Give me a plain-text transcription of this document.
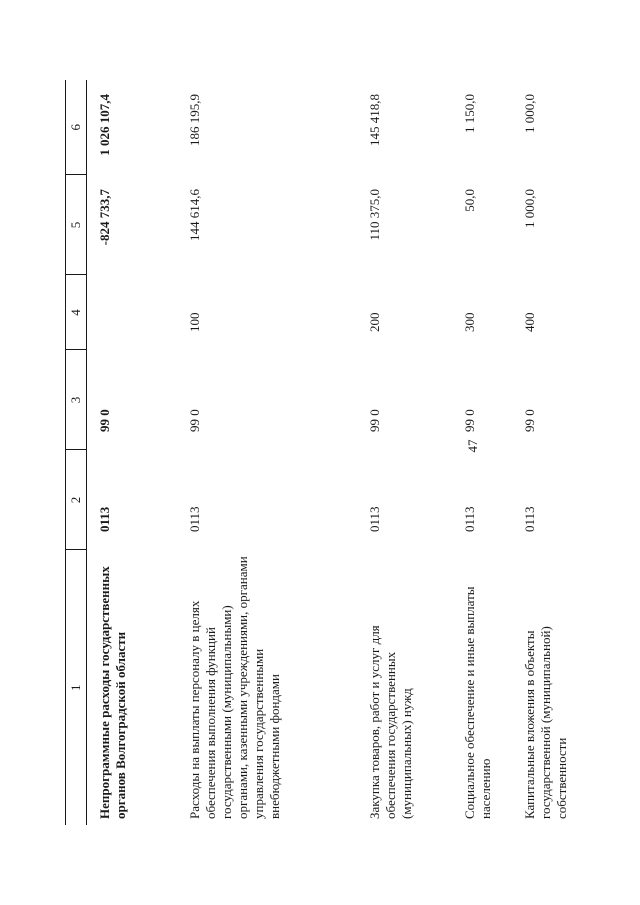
47
1	2	3	4	5	6
Непрограммные расходы государственных органов Волгоградской области	0113	99 0		-824 733,7	1 026 107,4
Расходы на выплаты персоналу в целях обеспечения выполнения функций государственными (муниципальными) органами, казенными учреждениями, органами управления государственными внебюджетными фондами	0113	99 0	100	144 614,6	186 195,9
Закупка товаров, работ и услуг для обеспечения государственных (муниципальных) нужд	0113	99 0	200	110 375,0	145 418,8
Социальное обеспечение и иные выплаты населению	0113	99 0	300	50,0	1 150,0
Капитальные вложения в объекты государственной (муниципальной) собственности	0113	99 0	400	1 000,0	1 000,0
